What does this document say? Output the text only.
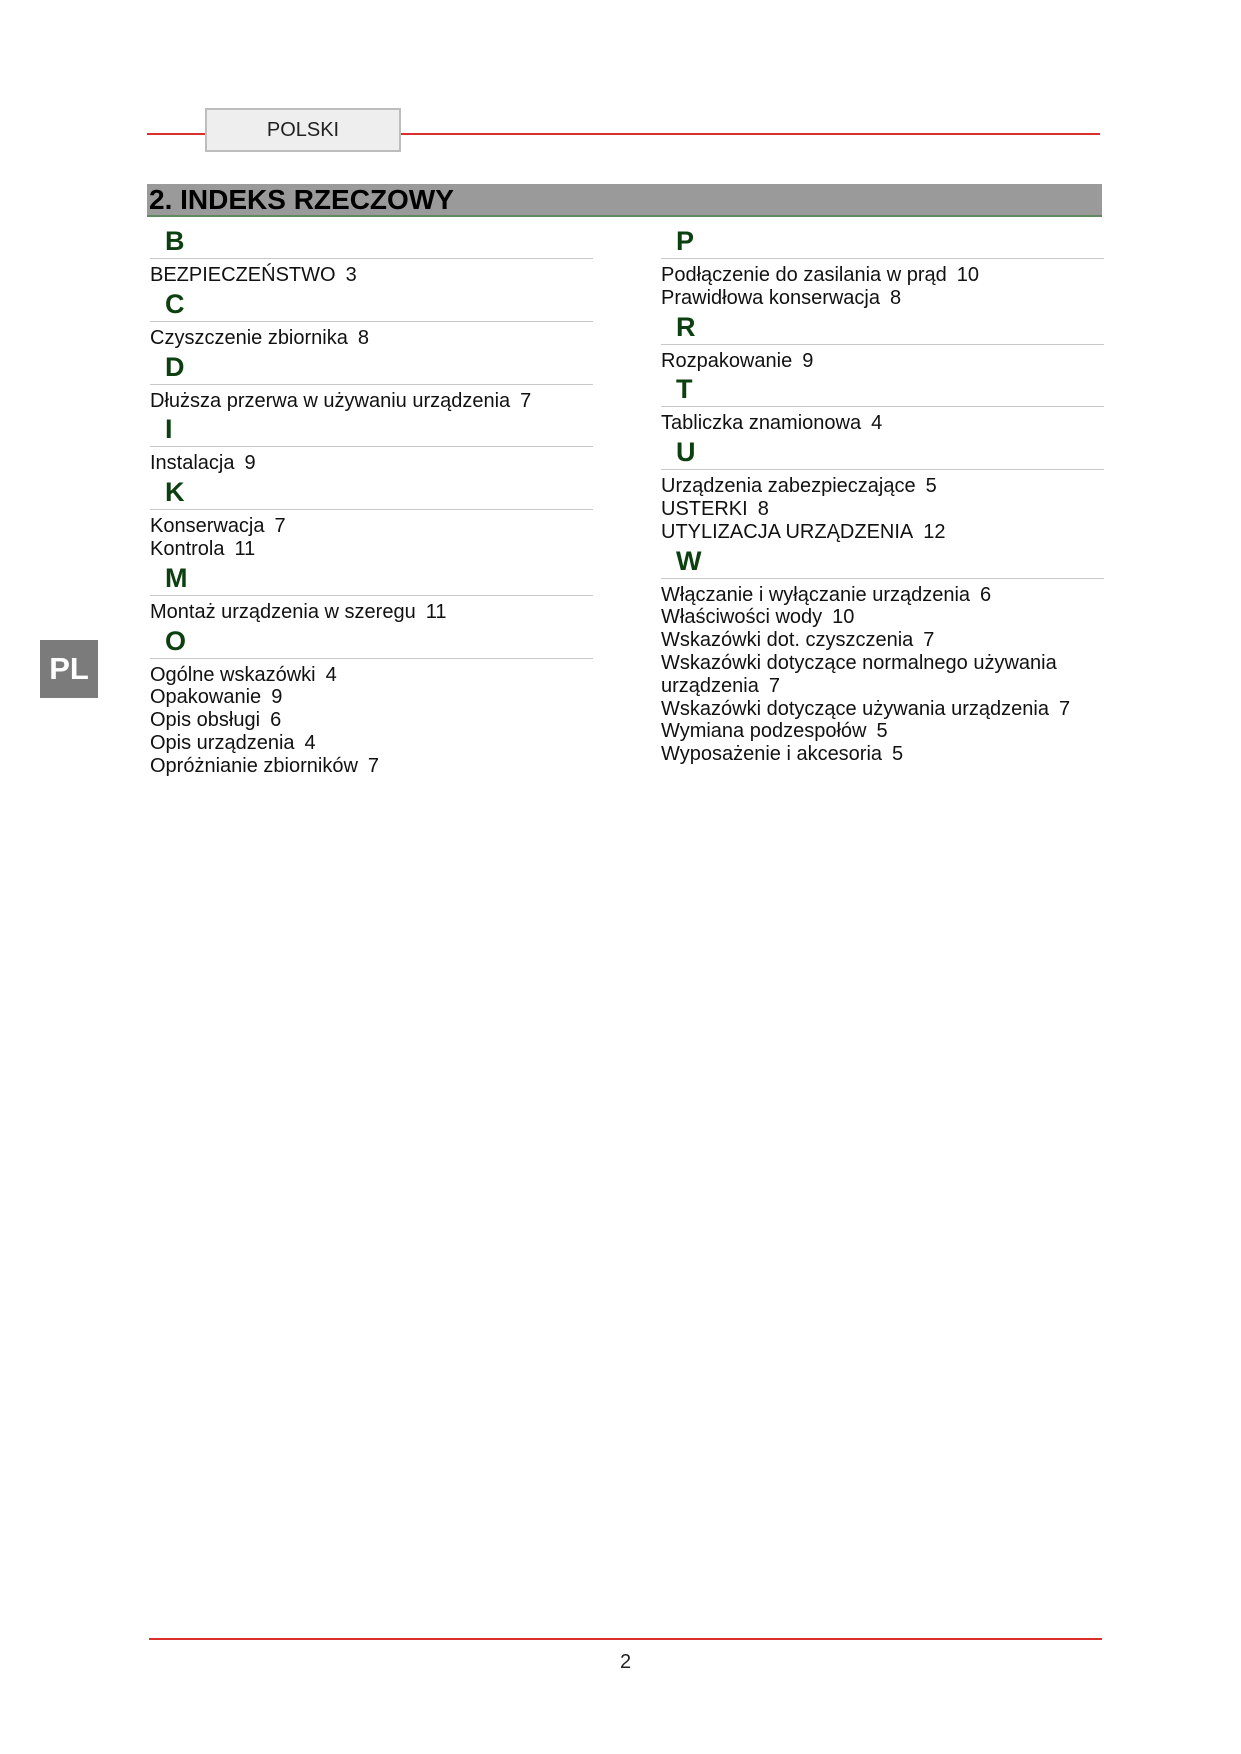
POLSKI
2. INDEKS RZECZOWY
PL
B
BEZPIECZEŃSTWO 3
C
Czyszczenie zbiornika 8
D
Dłuższa przerwa w używaniu urządzenia 7
I
Instalacja 9
K
Konserwacja 7
Kontrola 11
M
Montaż urządzenia w szeregu 11
O
Ogólne wskazówki 4
Opakowanie 9
Opis obsługi 6
Opis urządzenia 4
Opróżnianie zbiorników 7
P
Podłączenie do zasilania w prąd 10
Prawidłowa konserwacja 8
R
Rozpakowanie 9
T
Tabliczka znamionowa 4
U
Urządzenia zabezpieczające 5
USTERKI 8
UTYLIZACJA URZĄDZENIA 12
W
Włączanie i wyłączanie urządzenia 6
Właściwości wody 10
Wskazówki dot. czyszczenia 7
Wskazówki dotyczące normalnego używania urządzenia 7
Wskazówki dotyczące używania urządzenia 7
Wymiana podzespołów 5
Wyposażenie i akcesoria 5
2
